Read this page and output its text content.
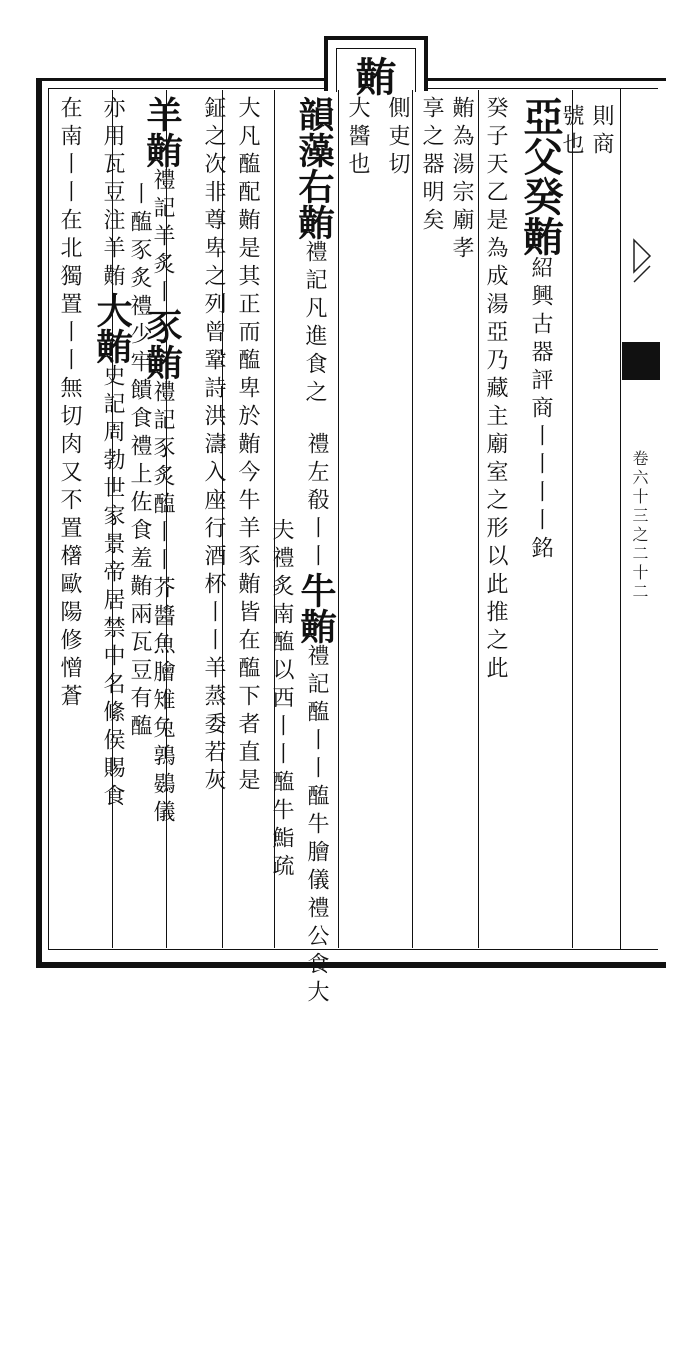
卷六十三之二十二
䵋
則商
號也
亞父癸䵋紹興古器評商丨丨丨丨銘
癸子天乙是為成湯亞乃藏主廟室之形以此推之此
䵋為湯宗廟孝
享之器明矣
側吏切
大醬也
韻藻右䵋禮記凡進食之
禮左殽丨丨牛䵋禮記醢丨丨醢牛膾儀禮公食大
夫禮炙南醢以西丨丨醢牛鮨疏
大凡醢配䵋是其正而醢卑於䵋今牛羊豕䵋皆在醢下者直是
鉦之次非尊卑之列曾鞏詩洪濤入座行酒杯丨丨羊蒸委若灰
羊䵋禮記羊炙丨豕䵋禮記豕炙醢丨丨芥醬魚膾雉兔鶉鷃儀
丨醢豕炙禮少牢饋食禮上佐食羞䵋兩瓦豆有醢
亦用瓦豆注羊䵋大䵋史記周勃世家景帝居禁中名絛侯賜食
在南丨丨在北獨置丨丨無切肉又不置櫡歐陽修憎蒼
